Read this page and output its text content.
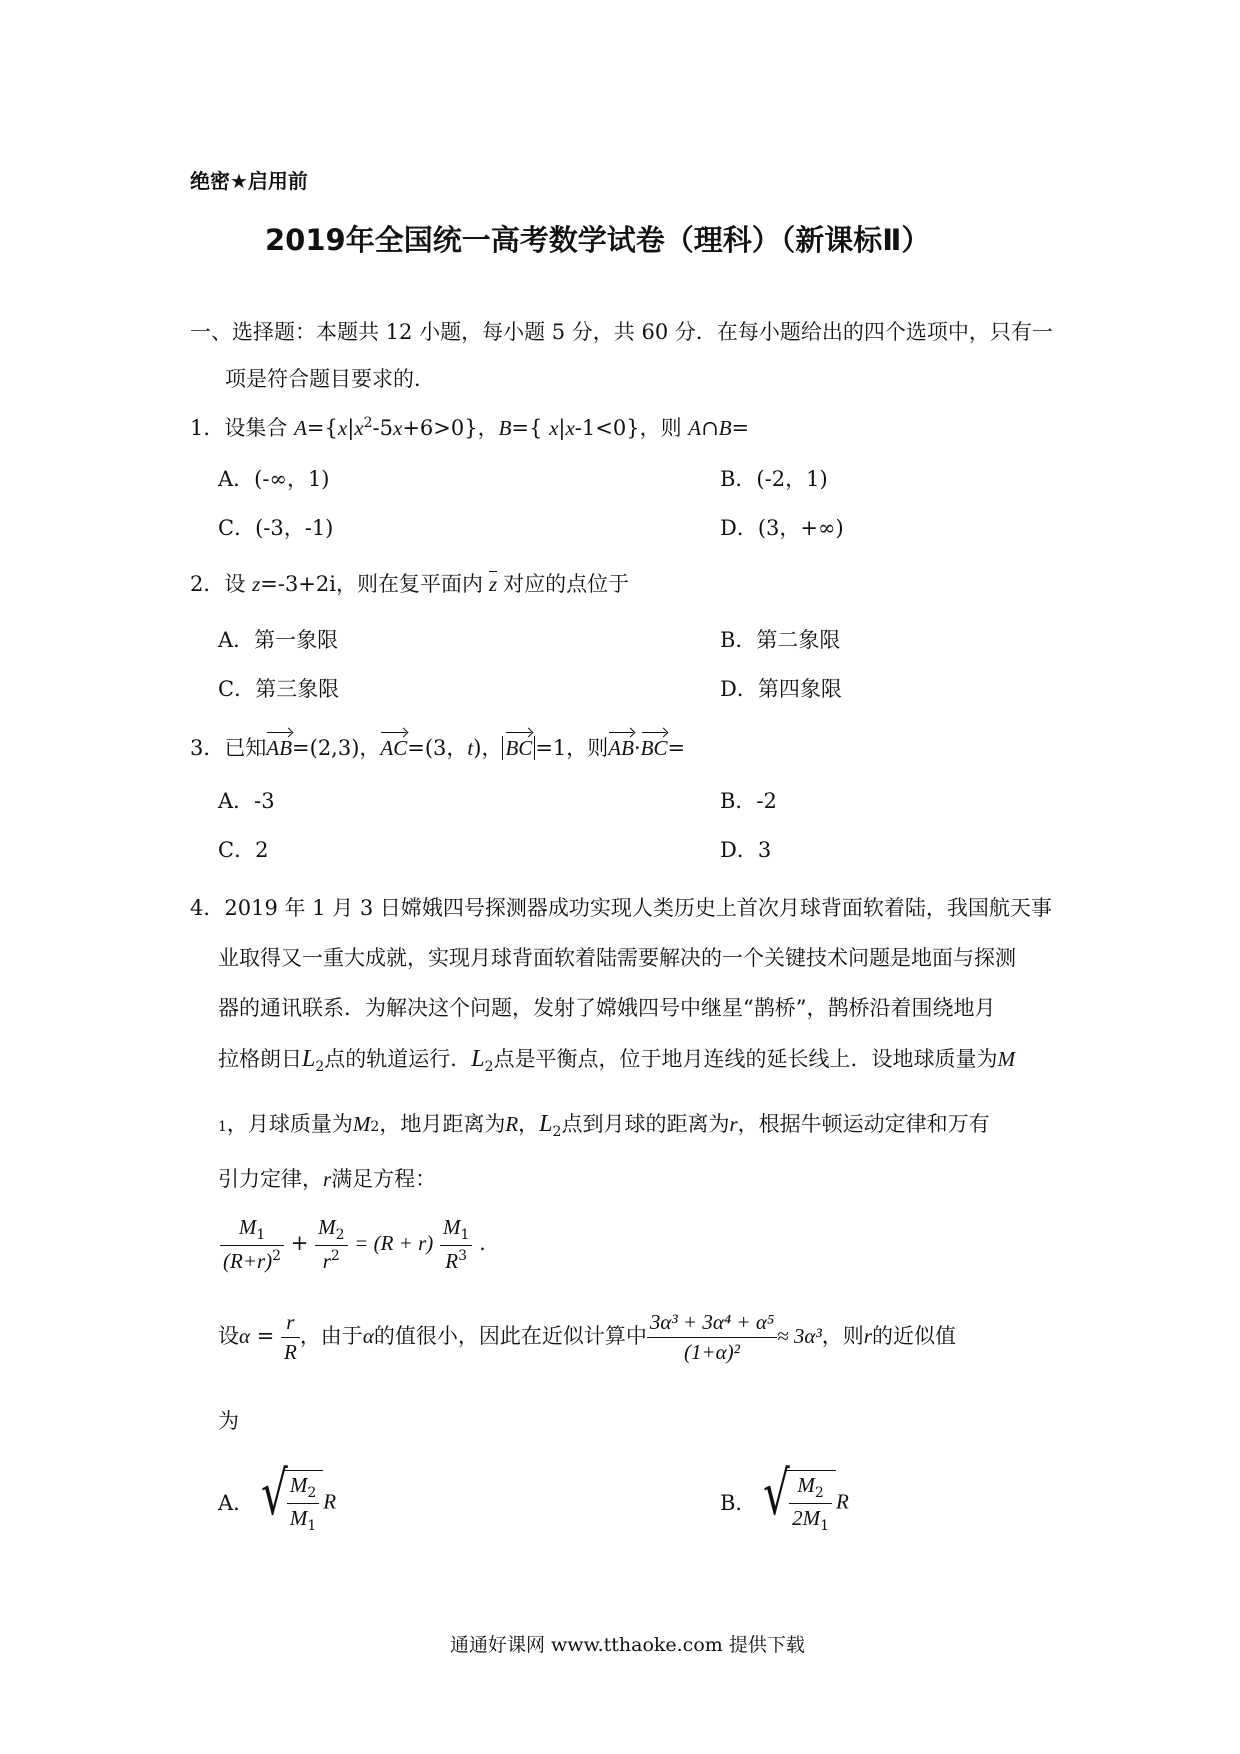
绝密★启用前
2019年全国统一高考数学试卷（理科）（新课标Ⅱ）
一、选择题：本题共 12 小题，每小题 5 分，共 60 分．在每小题给出的四个选项中，只有一
项是符合题目要求的．
1．设集合 $A=\{x|x^2-5x+6>0\}$，B={ x|x-1<0}，则 A∩B=
A．(-∞，1)	B．(-2，1)
C．(-3，-1)	D．(3，+∞)
2．设 z=-3+2i，则在复平面内 z 对应的点位于
A．第一象限	B．第二象限
C．第三象限	D．第四象限
3．已知AB=(2,3)，AC=(3，t)， BC =1，则AB·BC=
A．-3	B．-2
C．2	D．3
4．2019 年 1 月 3 日嫦娥四号探测器成功实现人类历史上首次月球背面软着陆，我国航天事
业取得又一重大成就，实现月球背面软着陆需要解决的一个关键技术问题是地面与探测
器的通讯联系．为解决这个问题，发射了嫦娥四号中继星“鹊桥”，鹊桥沿着围绕地月
拉格朗日$L_2$点的轨道运行．$L_2$点是平衡点，位于地月连线的延长线上．设地球质量为M
1，月球质量为M2，地月距离为R，$L_2$点到月球的距离为r，根据牛顿运动定律和万有
引力定律，r满足方程：
$\frac{M_1}{(R+r)^2} + \frac{M_2}{r^2} = (R + r) \frac{M_1}{R^3}$ .
设$\alpha = \frac{r}{R}$ ，由于α的值很小，因此在近似计算中 $\frac{\text{3α³ + 3α⁴ + α⁵}}{\text{(1+α)²}} \approx 3\alpha^3$，则r的近似值
为
A． √ $\frac{M_2}{M_1}$ R	B． √ $\frac{M_2}{2M_1}$ R
通通好课网 www.tthaoke.com 提供下载
